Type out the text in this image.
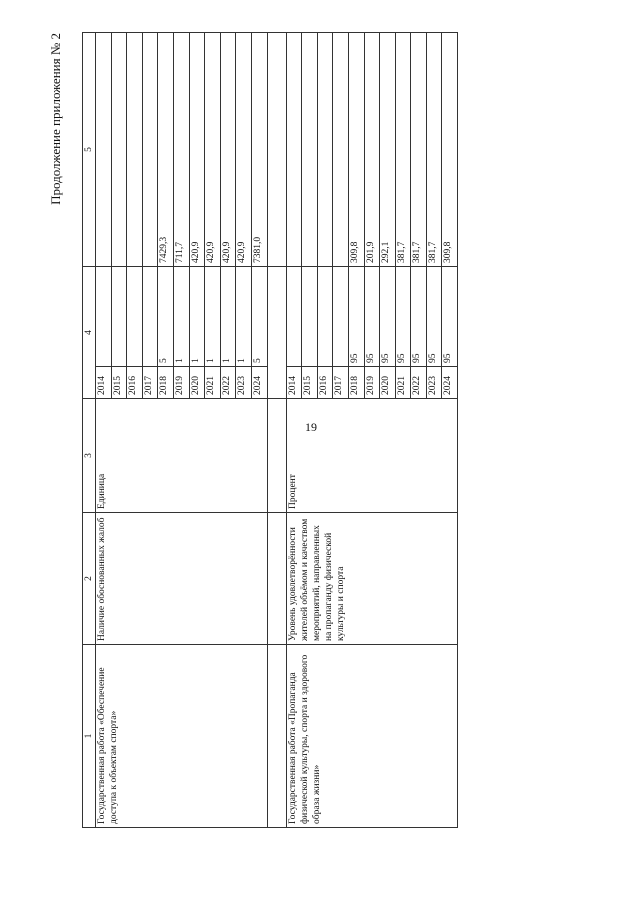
19
Продолжение приложения № 2
1	2	3	4		5
Государственная работа «Обеспечение доступа к объектам спорта»	Наличие обоснованных жалоб	Единица	2014		
			2015		
			2016		
			2017		
			2018	5	7429,3
			2019	1	711,7
			2020	1	420,9
			2021	1	420,9
			2022	1	420,9
			2023	1	420,9
			2024	5	7381,0

Государственная работа «Пропаганда физической культуры, спорта и здорового образа жизни»	Уровень удовлетворённости жителей объёмом и качеством мероприятий, направленных на пропаганду физической культуры и спорта	Процент	2014		
			2015		
			2016		
			2017		
			2018	95	309,8
			2019	95	201,9
			2020	95	292,1
			2021	95	381,7
			2022	95	381,7
			2023	95	381,7
			2024	95	309,8
